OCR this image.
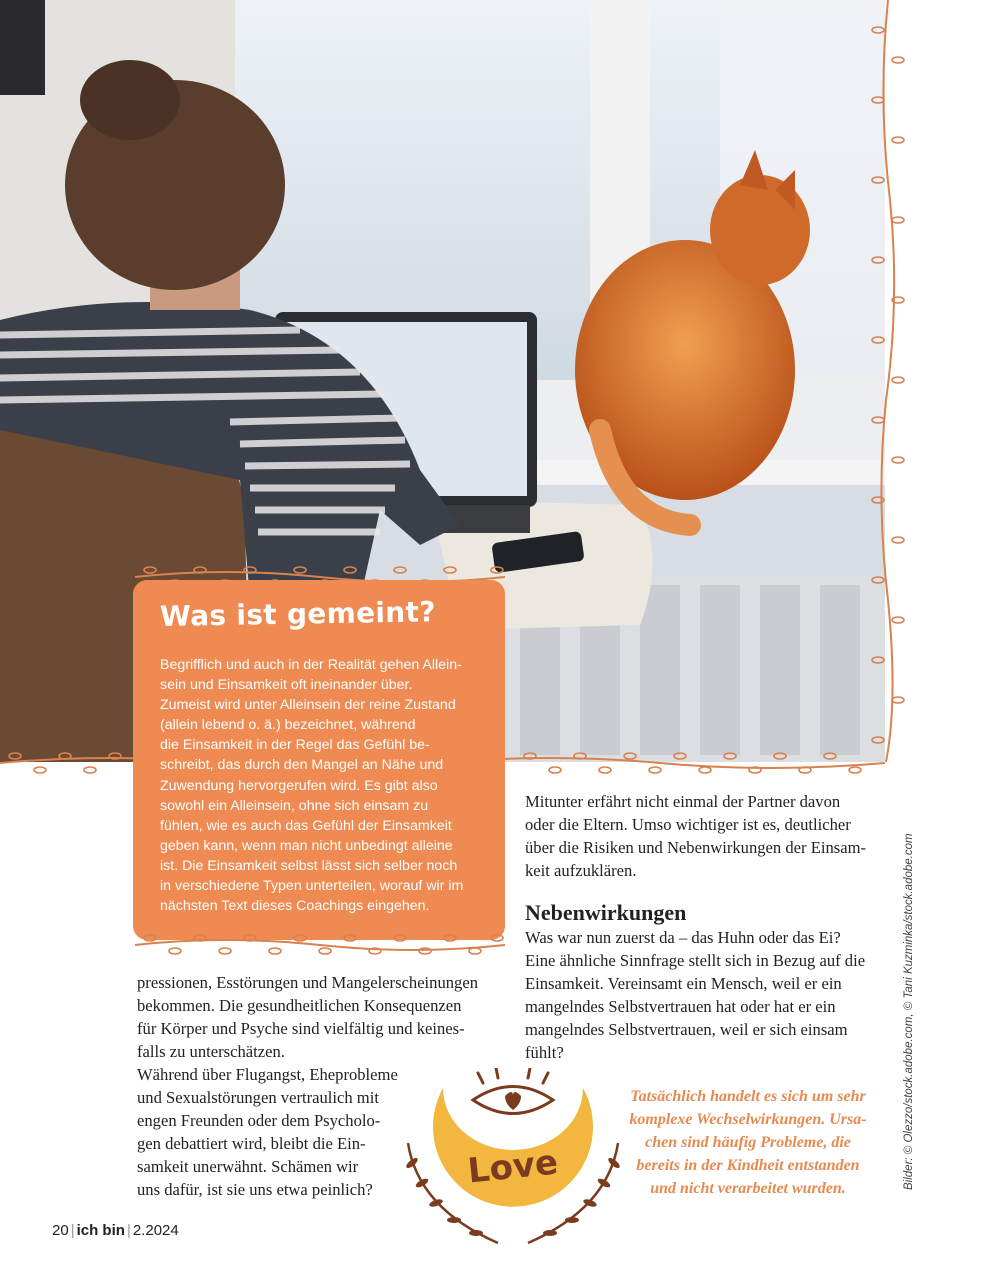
Was ist gemeint?

Begrifflich und auch in der Realität gehen Allein-
sein und Einsamkeit oft ineinander über.
Zumeist wird unter Alleinsein der reine Zustand
(allein lebend o. ä.) bezeichnet, während
die Einsamkeit in der Regel das Gefühl be-
schreibt, das durch den Mangel an Nähe und
Zuwendung hervorgerufen wird. Es gibt also
sowohl ein Alleinsein, ohne sich einsam zu
fühlen, wie es auch das Gefühl der Einsamkeit
geben kann, wenn man nicht unbedingt alleine
ist. Die Einsamkeit selbst lässt sich selber noch
in verschiedene Typen unterteilen, worauf wir im
nächsten Text dieses Coachings eingehen.

pressionen, Esstörungen und Mangelerscheinungen
bekommen. Die gesundheitlichen Konsequenzen
für Körper und Psyche sind vielfältig und keines-
falls zu unterschätzen.
Während über Flugangst, Eheprobleme
und Sexualstörungen vertraulich mit
engen Freunden oder dem Psycholo-
gen debattiert wird, bleibt die Ein-
samkeit unerwähnt. Schämen wir
uns dafür, ist sie uns etwa peinlich?
Mitunter erfährt nicht einmal der Partner davon
oder die Eltern. Umso wichtiger ist es, deutlicher
über die Risiken und Nebenwirkungen der Einsam-
keit aufzuklären.
Nebenwirkungen
Was war nun zuerst da – das Huhn oder das Ei?
Eine ähnliche Sinnfrage stellt sich in Bezug auf die
Einsamkeit. Vereinsamt ein Mensch, weil er ein
mangelndes Selbstvertrauen hat oder hat er ein
mangelndes Selbstvertrauen, weil er sich einsam
fühlt?
Love
Tatsächlich handelt es sich um sehr
komplexe Wechselwirkungen. Ursa-
chen sind häufig Probleme, die
bereits in der Kindheit entstanden
und nicht verarbeitet wurden.	Bilder: © Olezzo/stock.adobe.com, © Tani Kuzminka/stock.adobe.com
20 | ich bin | 2.2024
